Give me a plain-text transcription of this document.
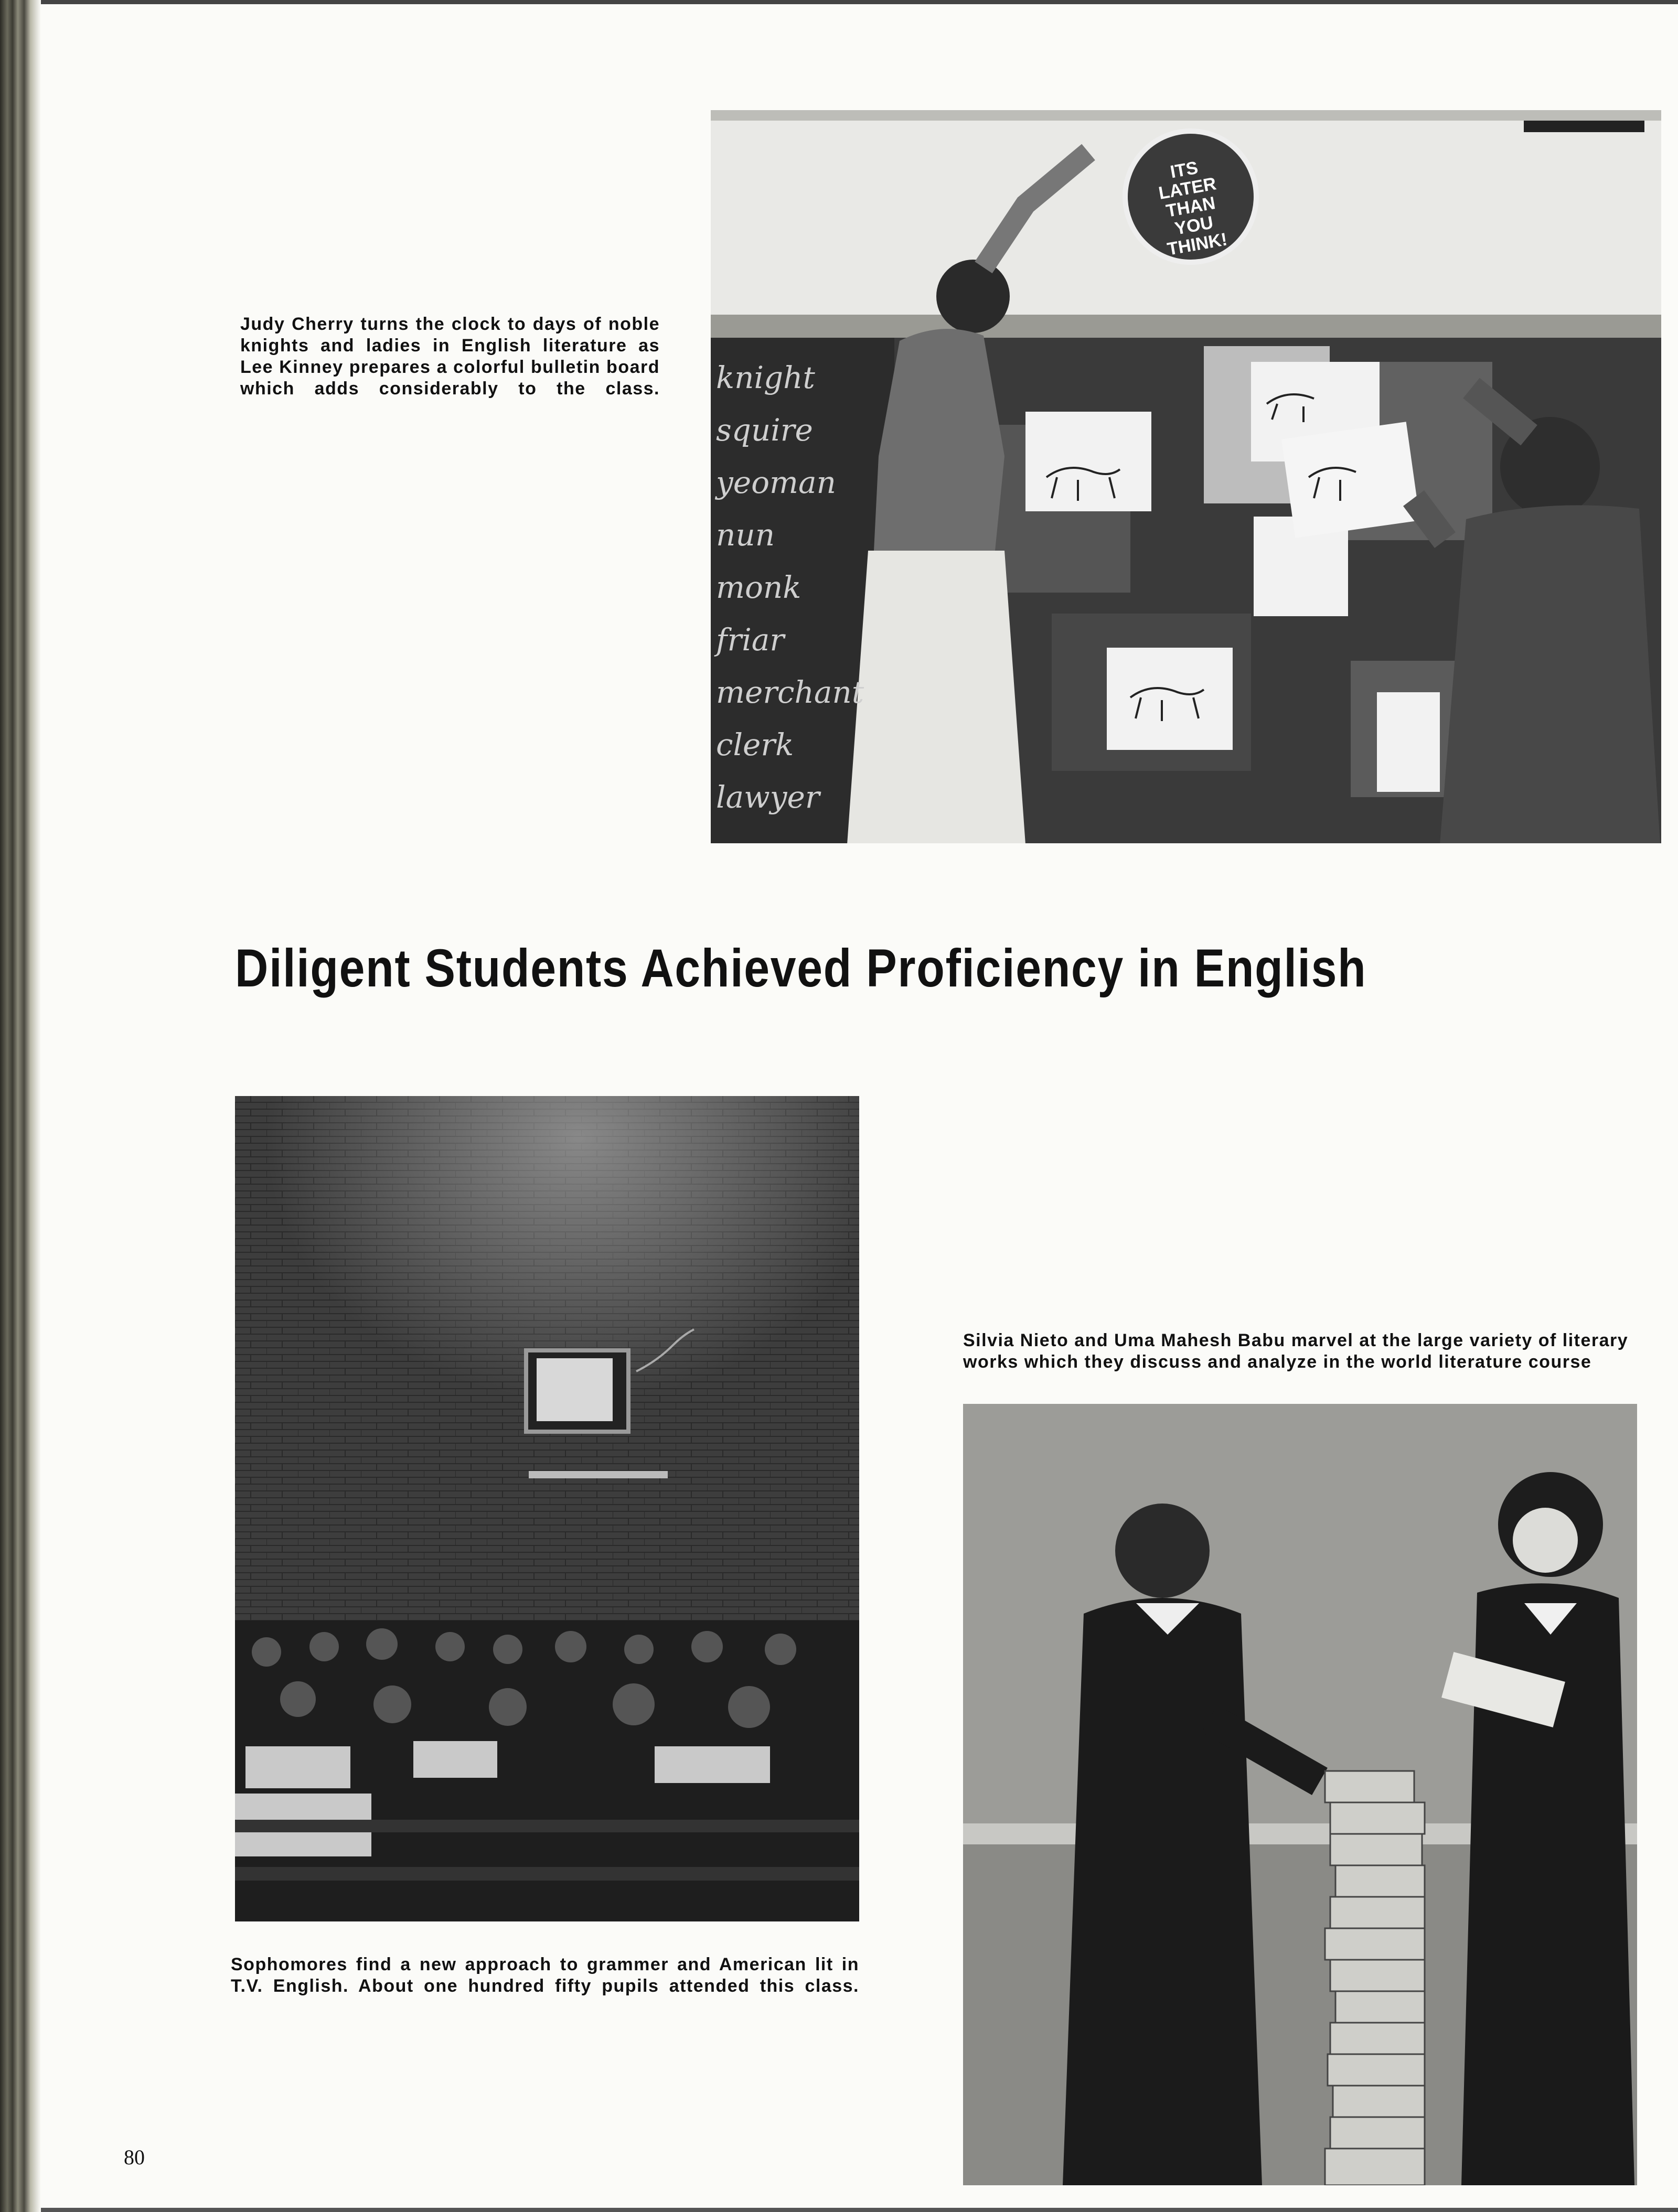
Judy Cherry turns the clock to days of noble knights and ladies in English literature as Lee Kinney prepares a colorful bulletin board which adds considerably to the class.
ITS LATER THAN YOU THINK!
knight
squire
yeoman
nun
monk
friar
merchant
clerk
lawyer
Diligent Students Achieved Proficiency in English
Sophomores find a new approach to grammer and American lit in T.V. English. About one hundred fifty pupils attended this class.
Silvia Nieto and Uma Mahesh Babu marvel at the large variety of literary works which they discuss and analyze in the world literature course
80
